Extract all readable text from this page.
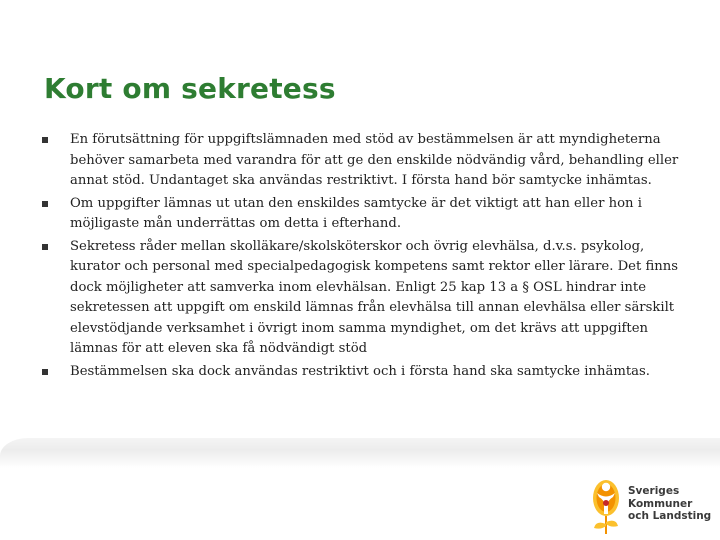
Kort om sekretess
En förutsättning för uppgiftslämnaden med stöd av bestämmelsen är att myndigheterna behöver samarbeta med varandra för att ge den enskilde nödvändig vård, behandling eller annat stöd. Undantaget ska användas restriktivt. I första hand bör samtycke inhämtas.
Om uppgifter lämnas ut utan den enskildes samtycke är det viktigt att han eller hon i möjligaste mån underrättas om detta i efterhand.
Sekretess råder mellan skolläkare/skolsköterskor och övrig elevhälsa, d.v.s. psykolog, kurator och personal med specialpedagogisk kompetens samt rektor eller lärare. Det finns dock möjligheter att samverka inom elevhälsan. Enligt 25 kap 13 a § OSL hindrar inte sekretessen att uppgift om enskild lämnas från elevhälsa till annan elevhälsa eller särskilt elevstödjande verksamhet i övrigt inom samma myndighet, om det krävs att uppgiften lämnas för att eleven ska få nödvändigt stöd
Bestämmelsen ska dock användas restriktivt och i första hand ska samtycke inhämtas.
Sveriges
Kommuner
och Landsting
